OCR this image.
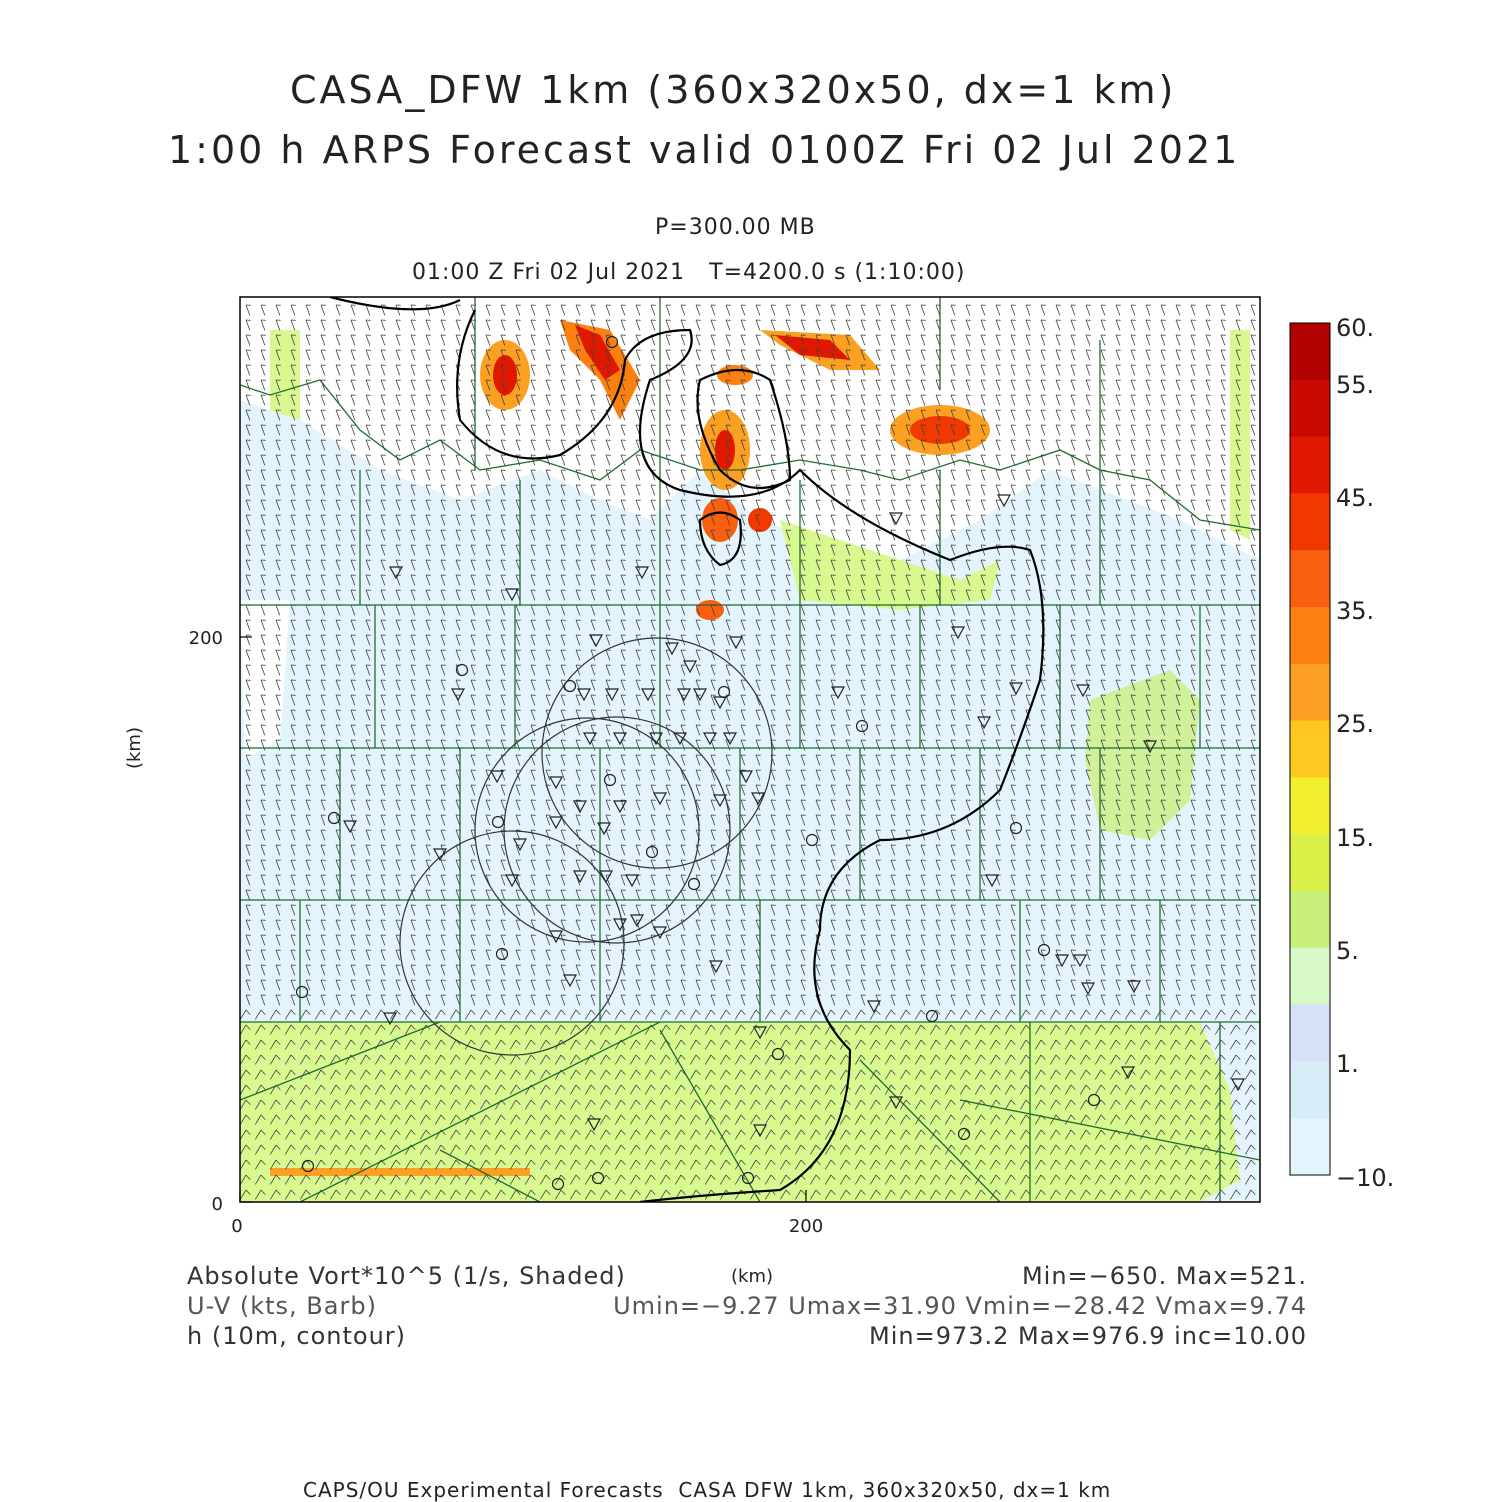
0	200
0
200
(km)
60.
55.
45.
35.
25.
15.
5.
1.
−10.
CASA_DFW 1km (360x320x50, dx=1 km)
1:00 h ARPS Forecast valid 0100Z Fri 02 Jul 2021
P=300.00 MB
01:00 Z Fri 02 Jul 2021   T=4200.0 s (1:10:00)
Absolute Vort*10^5 (1/s, Shaded)
U-V (kts, Barb)
h (10m, contour)
(km)	Min=−650. Max=521.
Umin=−9.27 Umax=31.90 Vmin=−28.42 Vmax=9.74
Min=973.2 Max=976.9 inc=10.00
CAPS/OU Experimental Forecasts  CASA DFW 1km, 360x320x50, dx=1 km
